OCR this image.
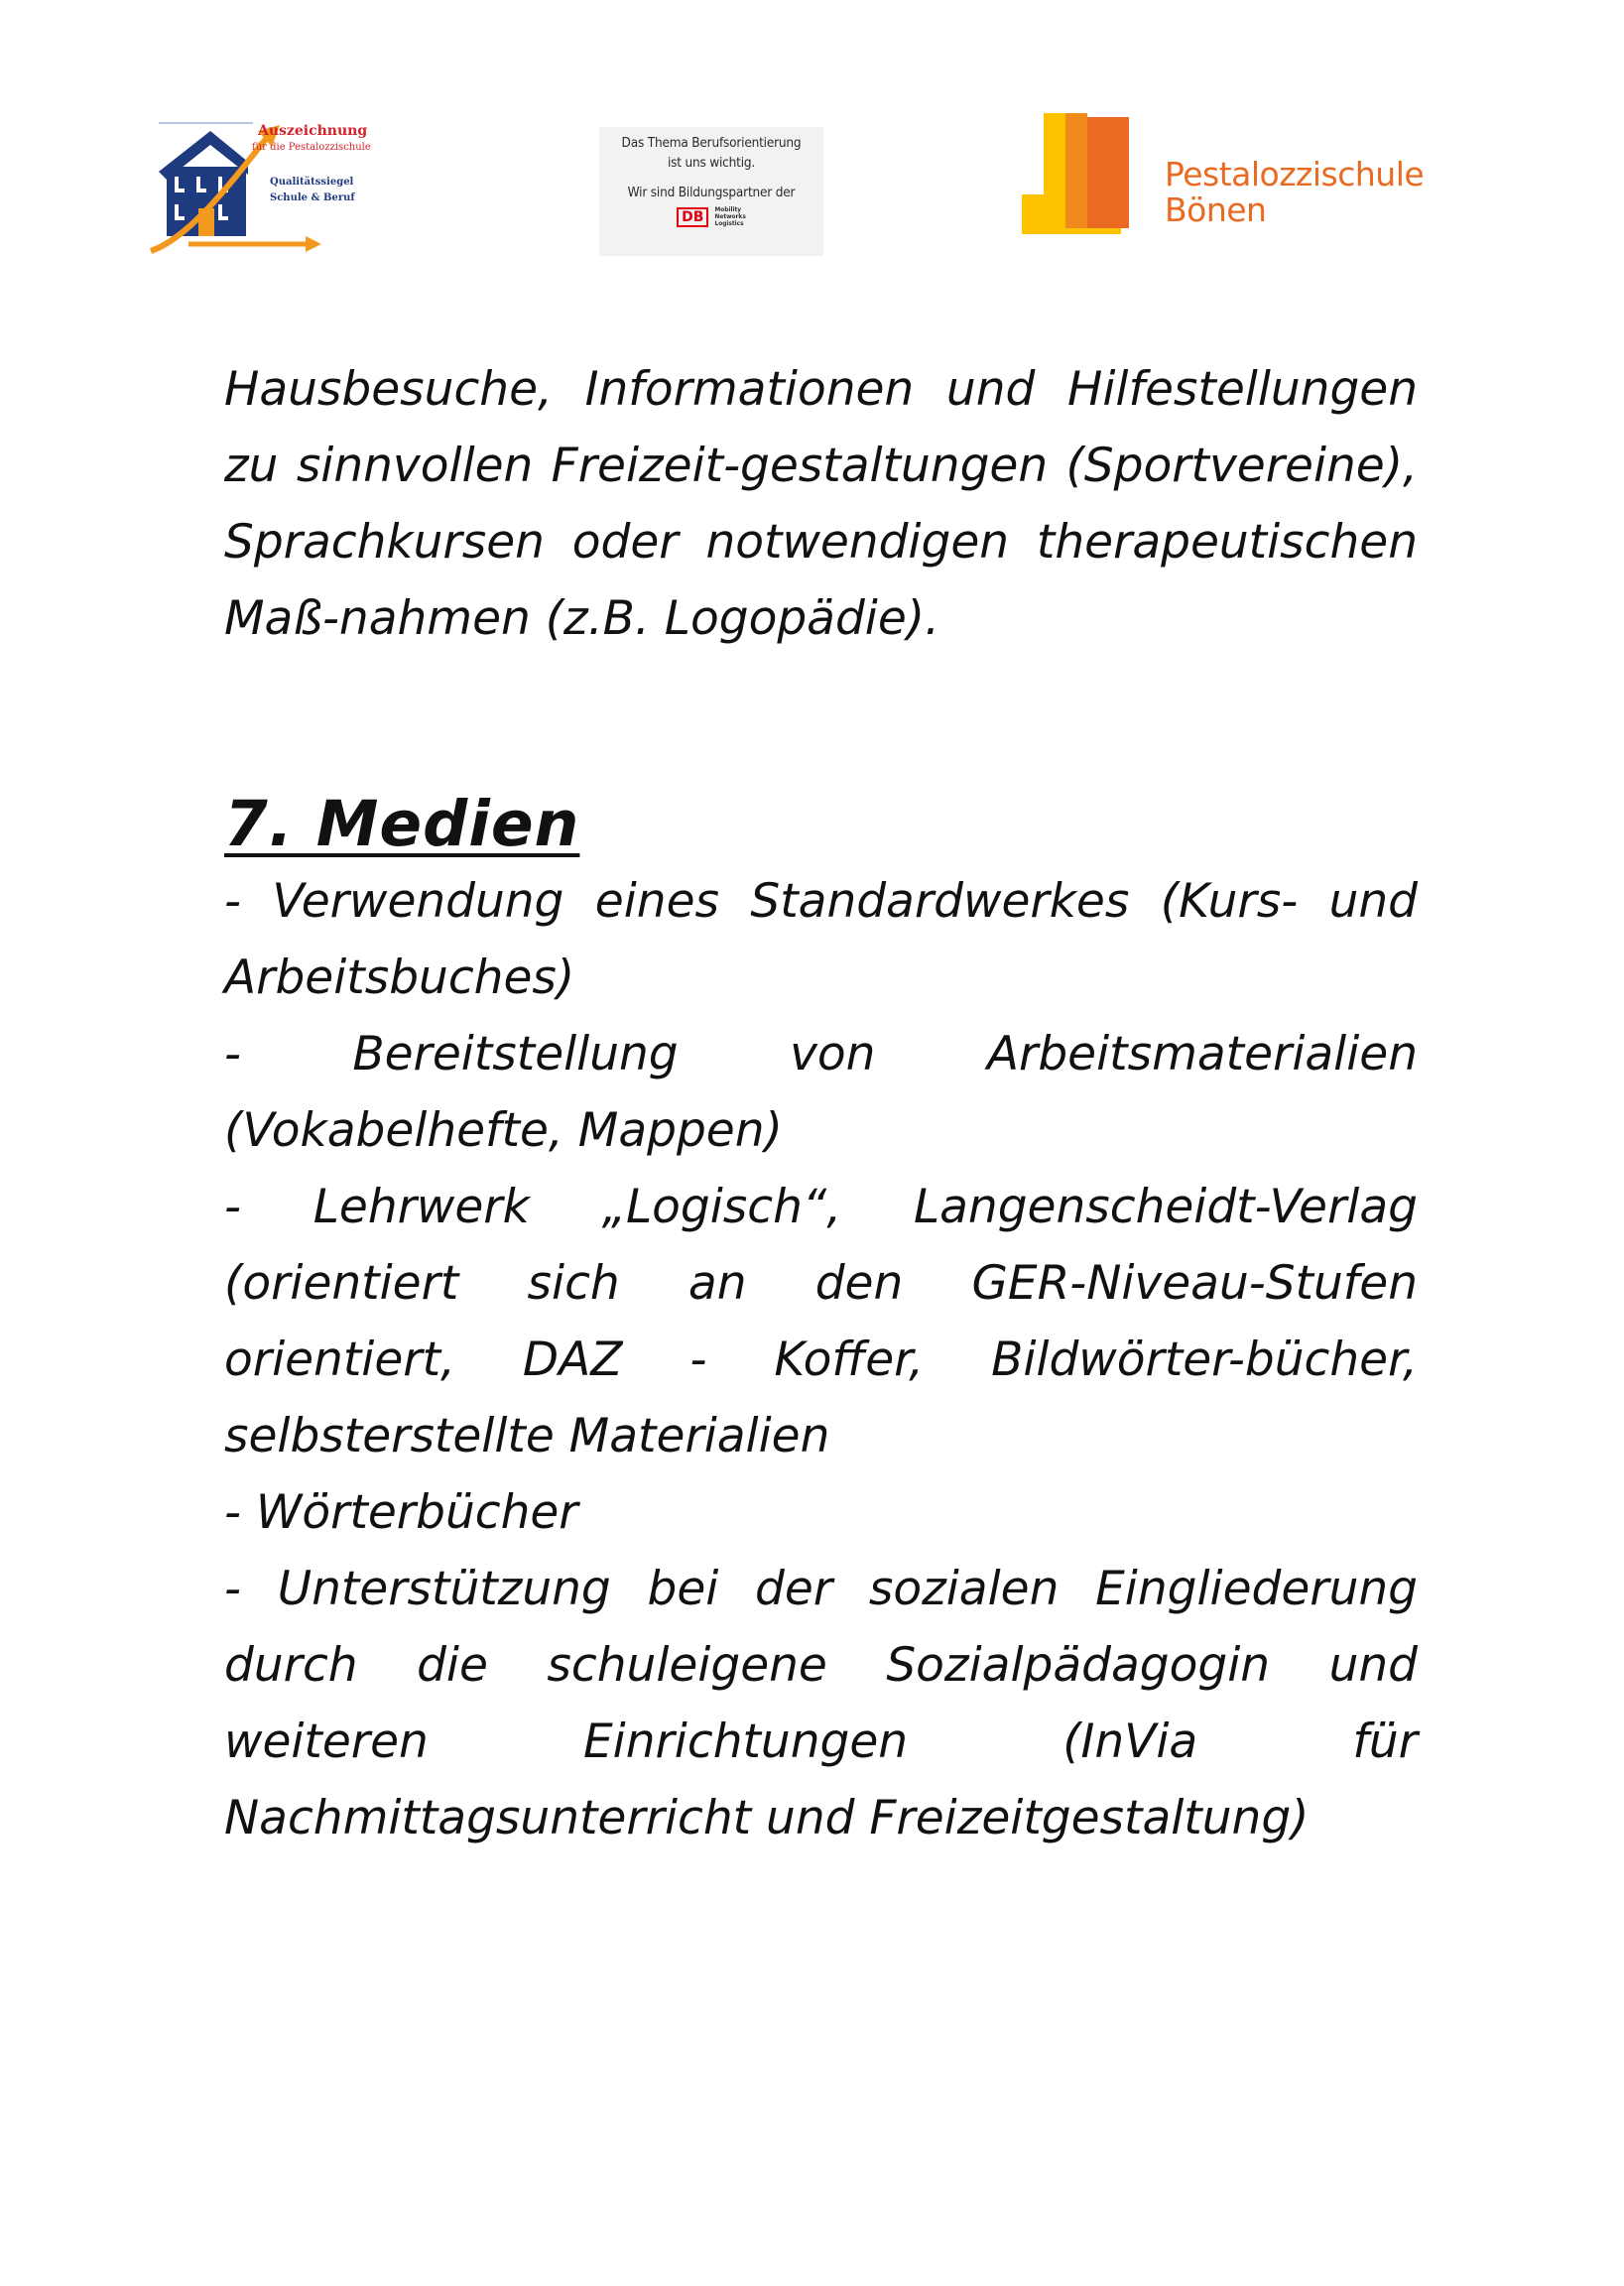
Auszeichnung
für die Pestalozzischule
Qualitätssiegel
Schule & Beruf
Das Thema Berufsorientierung
ist uns wichtig.
Wir sind Bildungspartner der
DB	Mobility
Networks
Logistics
Pestalozzischule
Bönen

Hausbesuche, Informationen und Hilfestellungen zu sinnvollen Freizeit-gestaltungen (Sportvereine), Sprachkursen oder notwendigen therapeutischen Maß-nahmen (z.B. Logopädie).

7. Medien

- Verwendung eines Standardwerkes (Kurs- und Arbeitsbuches)

- Bereitstellung von Arbeitsmaterialien (Vokabelhefte, Mappen)

- Lehrwerk „Logisch“, Langenscheidt-Verlag (orientiert sich an den GER-Niveau-Stufen orientiert, DAZ - Koffer, Bildwörter-bücher, selbsterstellte Materialien

- Wörterbücher

- Unterstützung bei der sozialen Eingliederung durch die schuleigene Sozialpädagogin und weiteren Einrichtungen (InVia für Nachmittagsunterricht und Freizeitgestaltung)
